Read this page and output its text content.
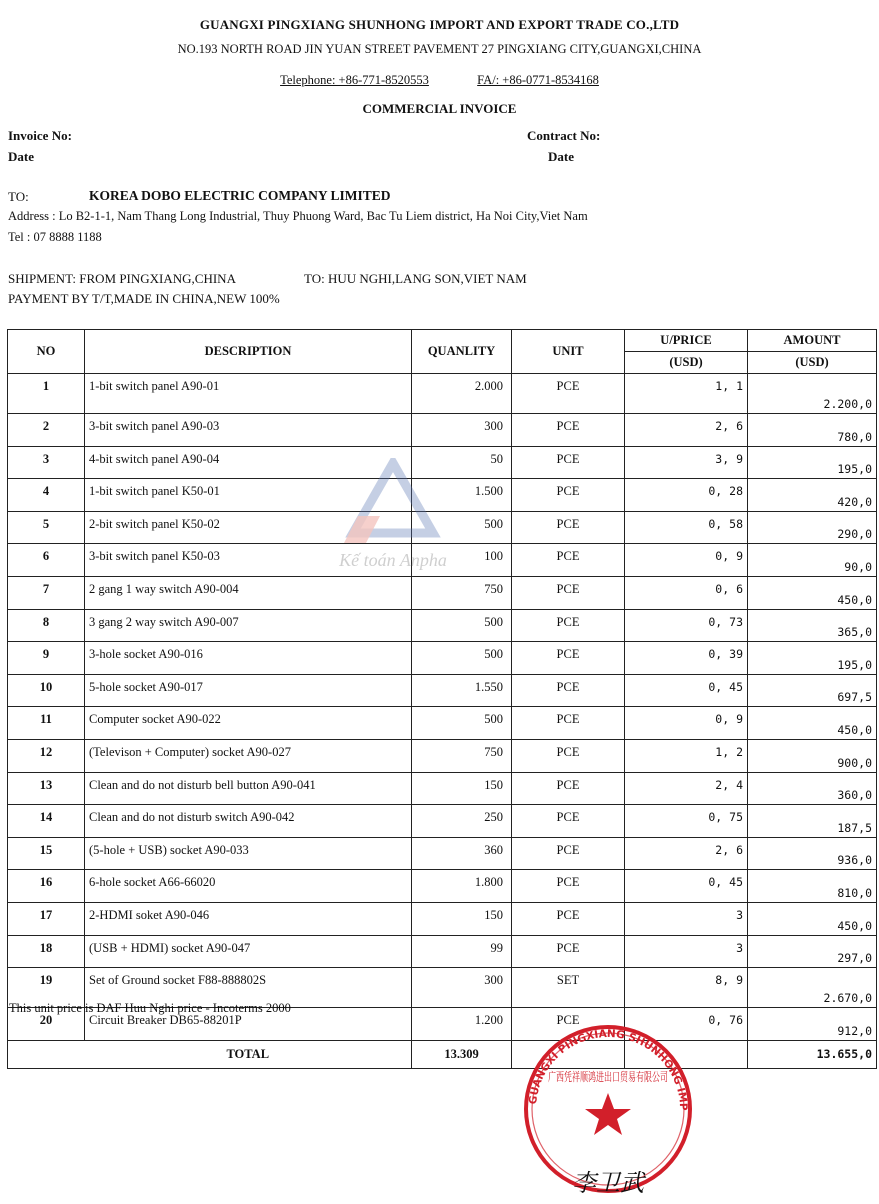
GUANGXI PINGXIANG SHUNHONG IMPORT AND EXPORT TRADE CO.,LTD
NO.193 NORTH ROAD JIN YUAN STREET PAVEMENT 27 PINGXIANG CITY,GUANGXI,CHINA
Telephone: +86-771-8520553	FA/: +86-0771-8534168
COMMERCIAL INVOICE
Invoice No:
Date
Contract No:
Date
TO:	KOREA DOBO ELECTRIC COMPANY LIMITED
Address : Lo B2-1-1, Nam Thang Long Industrial, Thuy Phuong Ward, Bac Tu Liem district, Ha Noi City,Viet Nam
Tel : 07 8888 1188
SHIPMENT: FROM PINGXIANG,CHINA	TO: HUU NGHI,LANG SON,VIET NAM
PAYMENT BY T/T,MADE IN CHINA,NEW 100%
NO	DESCRIPTION	QUANLITY	UNIT	U/PRICE	AMOUNT
				(USD)	(USD)
1	1-bit switch panel A90-01	2.000	PCE	1, 1	2.200,0
2	3-bit switch panel A90-03	300	PCE	2, 6	780,0
3	4-bit switch panel A90-04	50	PCE	3, 9	195,0
4	1-bit switch panel K50-01	1.500	PCE	0, 28	420,0
5	2-bit switch panel K50-02	500	PCE	0, 58	290,0
6	3-bit switch panel K50-03	100	PCE	0, 9	90,0
7	2 gang 1 way switch A90-004	750	PCE	0, 6	450,0
8	3 gang 2 way switch A90-007	500	PCE	0, 73	365,0
9	3-hole socket A90-016	500	PCE	0, 39	195,0
10	5-hole socket A90-017	1.550	PCE	0, 45	697,5
11	Computer socket A90-022	500	PCE	0, 9	450,0
12	(Televison + Computer) socket A90-027	750	PCE	1, 2	900,0
13	Clean and do not disturb bell button A90-041	150	PCE	2, 4	360,0
14	Clean and do not disturb switch A90-042	250	PCE	0, 75	187,5
15	(5-hole + USB) socket A90-033	360	PCE	2, 6	936,0
16	6-hole socket A66-66020	1.800	PCE	0, 45	810,0
17	2-HDMI soket A90-046	150	PCE	3	450,0
18	(USB + HDMI) socket A90-047	99	PCE	3	297,0
19	Set of Ground socket F88-888802S	300	SET	8, 9	2.670,0
20	Circuit Breaker DB65-88201P	1.200	PCE	0, 76	912,0
	TOTAL	13.309			13.655,0
This unit price is DAF Huu Nghi price - Incoterms 2000
Kế toán Anpha
GUANGXI PINGXIANG SHUNHONG IMP
广西凭祥顺鸿进出口贸易有限
李卫武
